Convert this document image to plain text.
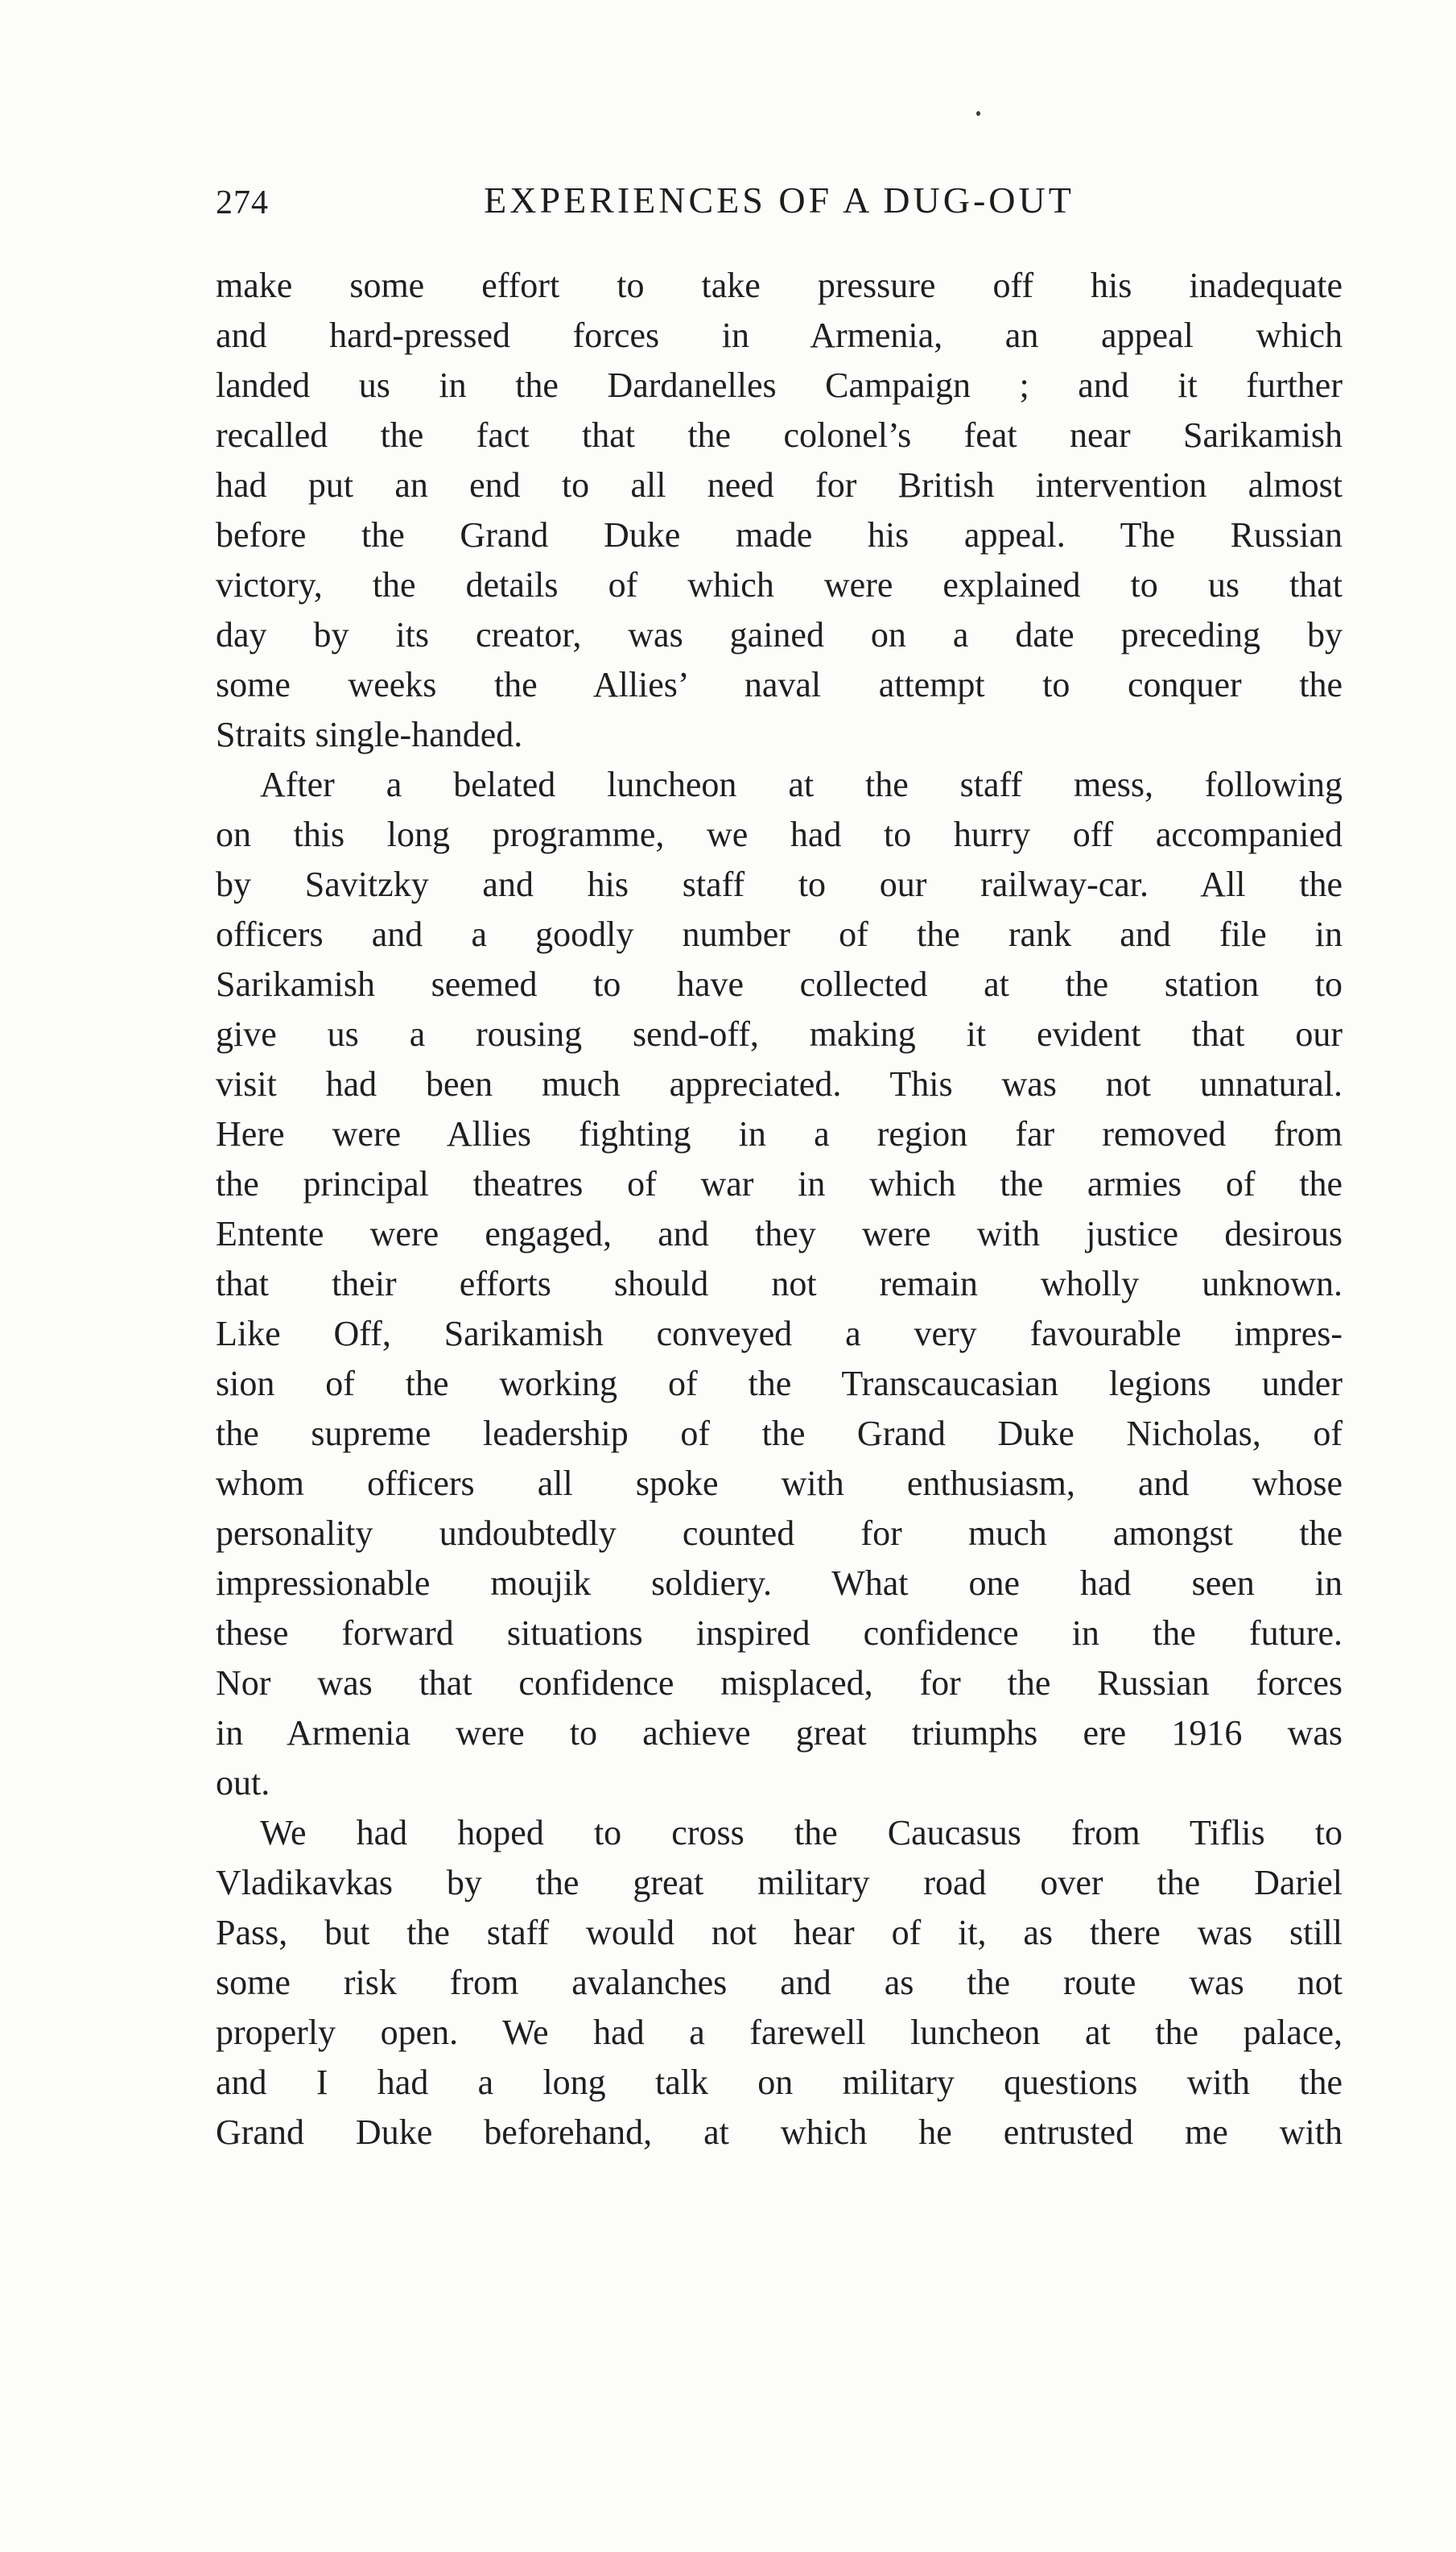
274	EXPERIENCES OF A DUG-OUT
make some effort to take pressure off his inadequate
and hard-pressed forces in Armenia, an appeal which
landed us in the Dardanelles Campaign ; and it further
recalled the fact that the colonel’s feat near Sarikamish
had put an end to all need for British intervention almost
before the Grand Duke made his appeal. The Russian
victory, the details of which were explained to us that
day by its creator, was gained on a date preceding by
some weeks the Allies’ naval attempt to conquer the
Straits single-handed.
After a belated luncheon at the staff mess, following
on this long programme, we had to hurry off accompanied
by Savitzky and his staff to our railway-car. All the
officers and a goodly number of the rank and file in
Sarikamish seemed to have collected at the station to
give us a rousing send-off, making it evident that our
visit had been much appreciated. This was not unnatural.
Here were Allies fighting in a region far removed from
the principal theatres of war in which the armies of the
Entente were engaged, and they were with justice desirous
that their efforts should not remain wholly unknown.
Like Off, Sarikamish conveyed a very favourable impres-
sion of the working of the Transcaucasian legions under
the supreme leadership of the Grand Duke Nicholas, of
whom officers all spoke with enthusiasm, and whose
personality undoubtedly counted for much amongst the
impressionable moujik soldiery. What one had seen in
these forward situations inspired confidence in the future.
Nor was that confidence misplaced, for the Russian forces
in Armenia were to achieve great triumphs ere 1916 was
out.
We had hoped to cross the Caucasus from Tiflis to
Vladikavkas by the great military road over the Dariel
Pass, but the staff would not hear of it, as there was still
some risk from avalanches and as the route was not
properly open. We had a farewell luncheon at the palace,
and I had a long talk on military questions with the
Grand Duke beforehand, at which he entrusted me with
